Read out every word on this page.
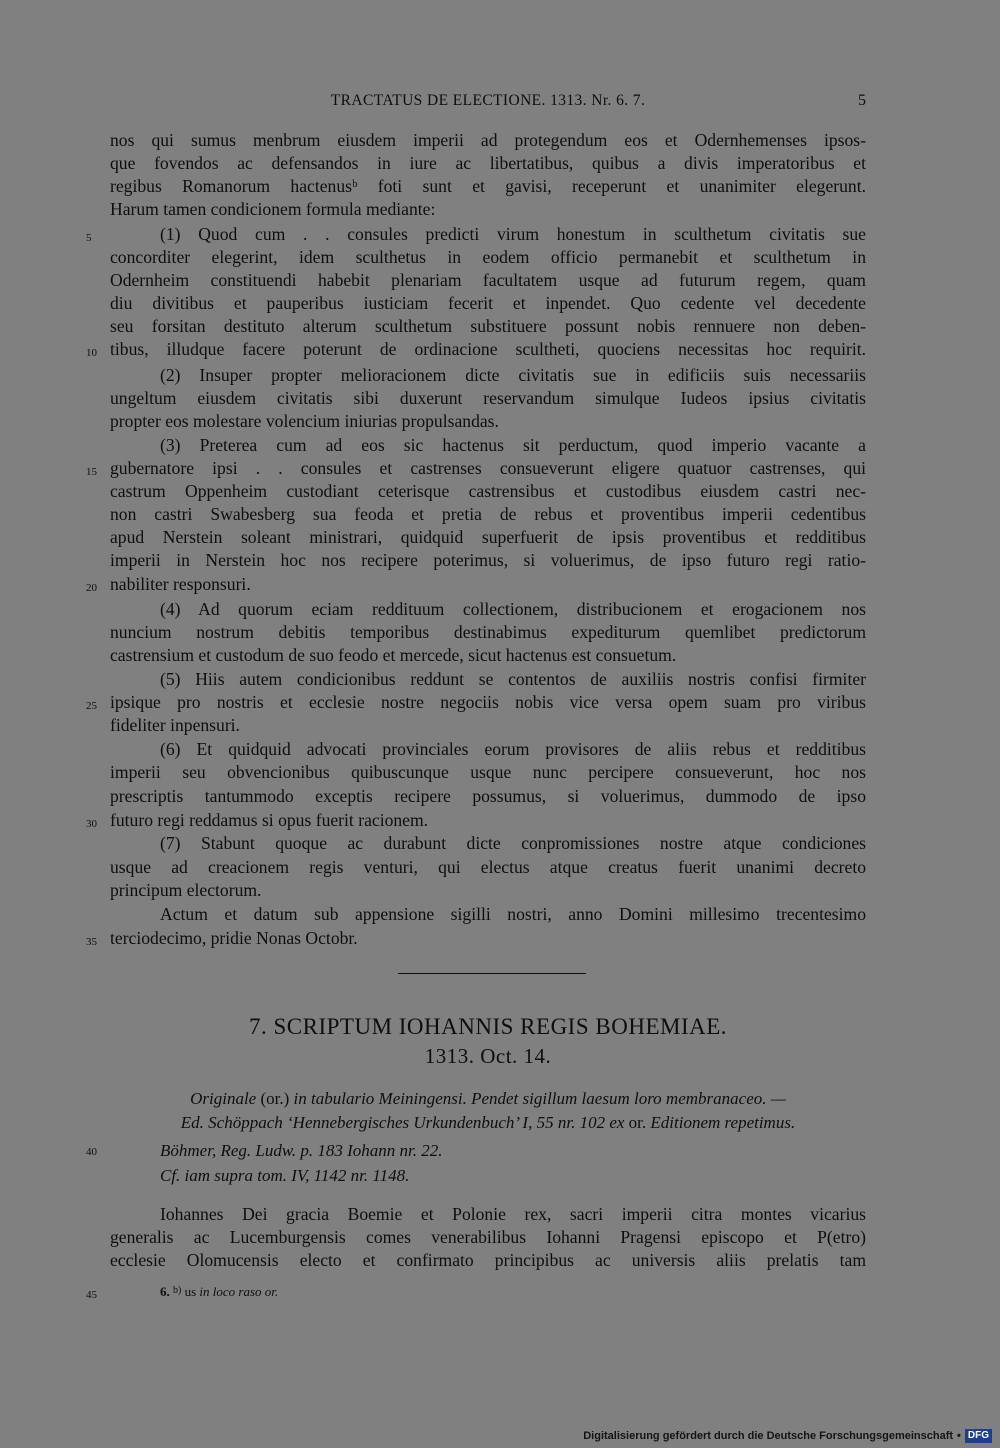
TRACTATUS DE ELECTIONE. 1313. Nr. 6. 7.	5
nos qui sumus menbrum eiusdem imperii ad protegendum eos et Odernhemenses ipsos-
que fovendos ac defensandos in iure ac libertatibus, quibus a divis imperatoribus et
regibus Romanorum hactenusᵇ foti sunt et gavisi, receperunt et unanimiter elegerunt.
Harum tamen condicionem formula mediante:
(1) Quod cum . . consules predicti virum honestum in sculthetum civitatis sue
concorditer elegerint, idem sculthetus in eodem officio permanebit et sculthetum in
Odernheim constituendi habebit plenariam facultatem usque ad futurum regem, quam
diu divitibus et pauperibus iusticiam fecerit et inpendet. Quo cedente vel decedente
seu forsitan destituto alterum sculthetum substituere possunt nobis rennuere non deben-
tibus, illudque facere poterunt de ordinacione scultheti, quociens necessitas hoc requirit.
(2) Insuper propter melioracionem dicte civitatis sue in edificiis suis necessariis
ungeltum eiusdem civitatis sibi duxerunt reservandum simulque Iudeos ipsius civitatis
propter eos molestare volencium iniurias propulsandas.
(3) Preterea cum ad eos sic hactenus sit perductum, quod imperio vacante a
gubernatore ipsi . . consules et castrenses consueverunt eligere quatuor castrenses, qui
castrum Oppenheim custodiant ceterisque castrensibus et custodibus eiusdem castri nec-
non castri Swabesberg sua feoda et pretia de rebus et proventibus imperii cedentibus
apud Nerstein soleant ministrari, quidquid superfuerit de ipsis proventibus et redditibus
imperii in Nerstein hoc nos recipere poterimus, si voluerimus, de ipso futuro regi ratio-
nabiliter responsuri.
(4) Ad quorum eciam reddituum collectionem, distribucionem et erogacionem nos
nuncium nostrum debitis temporibus destinabimus expediturum quemlibet predictorum
castrensium et custodum de suo feodo et mercede, sicut hactenus est consuetum.
(5) Hiis autem condicionibus reddunt se contentos de auxiliis nostris confisi firmiter
ipsique pro nostris et ecclesie nostre negociis nobis vice versa opem suam pro viribus
fideliter inpensuri.
(6) Et quidquid advocati provinciales eorum provisores de aliis rebus et redditibus
imperii seu obvencionibus quibuscunque usque nunc percipere consueverunt, hoc nos
prescriptis tantummodo exceptis recipere possumus, si voluerimus, dummodo de ipso
futuro regi reddamus si opus fuerit racionem.
(7) Stabunt quoque ac durabunt dicte conpromissiones nostre atque condiciones
usque ad creacionem regis venturi, qui electus atque creatus fuerit unanimi decreto
principum electorum.
Actum et datum sub appensione sigilli nostri, anno Domini millesimo trecentesimo
terciodecimo, pridie Nonas Octobr.
5
10
15
20
25
30
35
40
45
7. SCRIPTUM IOHANNIS REGIS BOHEMIAE.
1313. Oct. 14.
Originale (or.) in tabulario Meiningensi. Pendet sigillum laesum loro membranaceo. —
Ed. Schöppach ‘Hennebergisches Urkundenbuch’ I, 55 nr. 102 ex or. Editionem repetimus.
Böhmer, Reg. Ludw. p. 183 Iohann nr. 22.
Cf. iam supra tom. IV, 1142 nr. 1148.
Iohannes Dei gracia Boemie et Polonie rex, sacri imperii citra montes vicarius
generalis ac Lucemburgensis comes venerabilibus Iohanni Pragensi episcopo et P(etro)
ecclesie Olomucensis electo et confirmato principibus ac universis aliis prelatis tam
6. $^{b)}$ us in loco raso or.
Digitalisierung gefördert durch die Deutsche Forschungsgemeinschaft • DFG
